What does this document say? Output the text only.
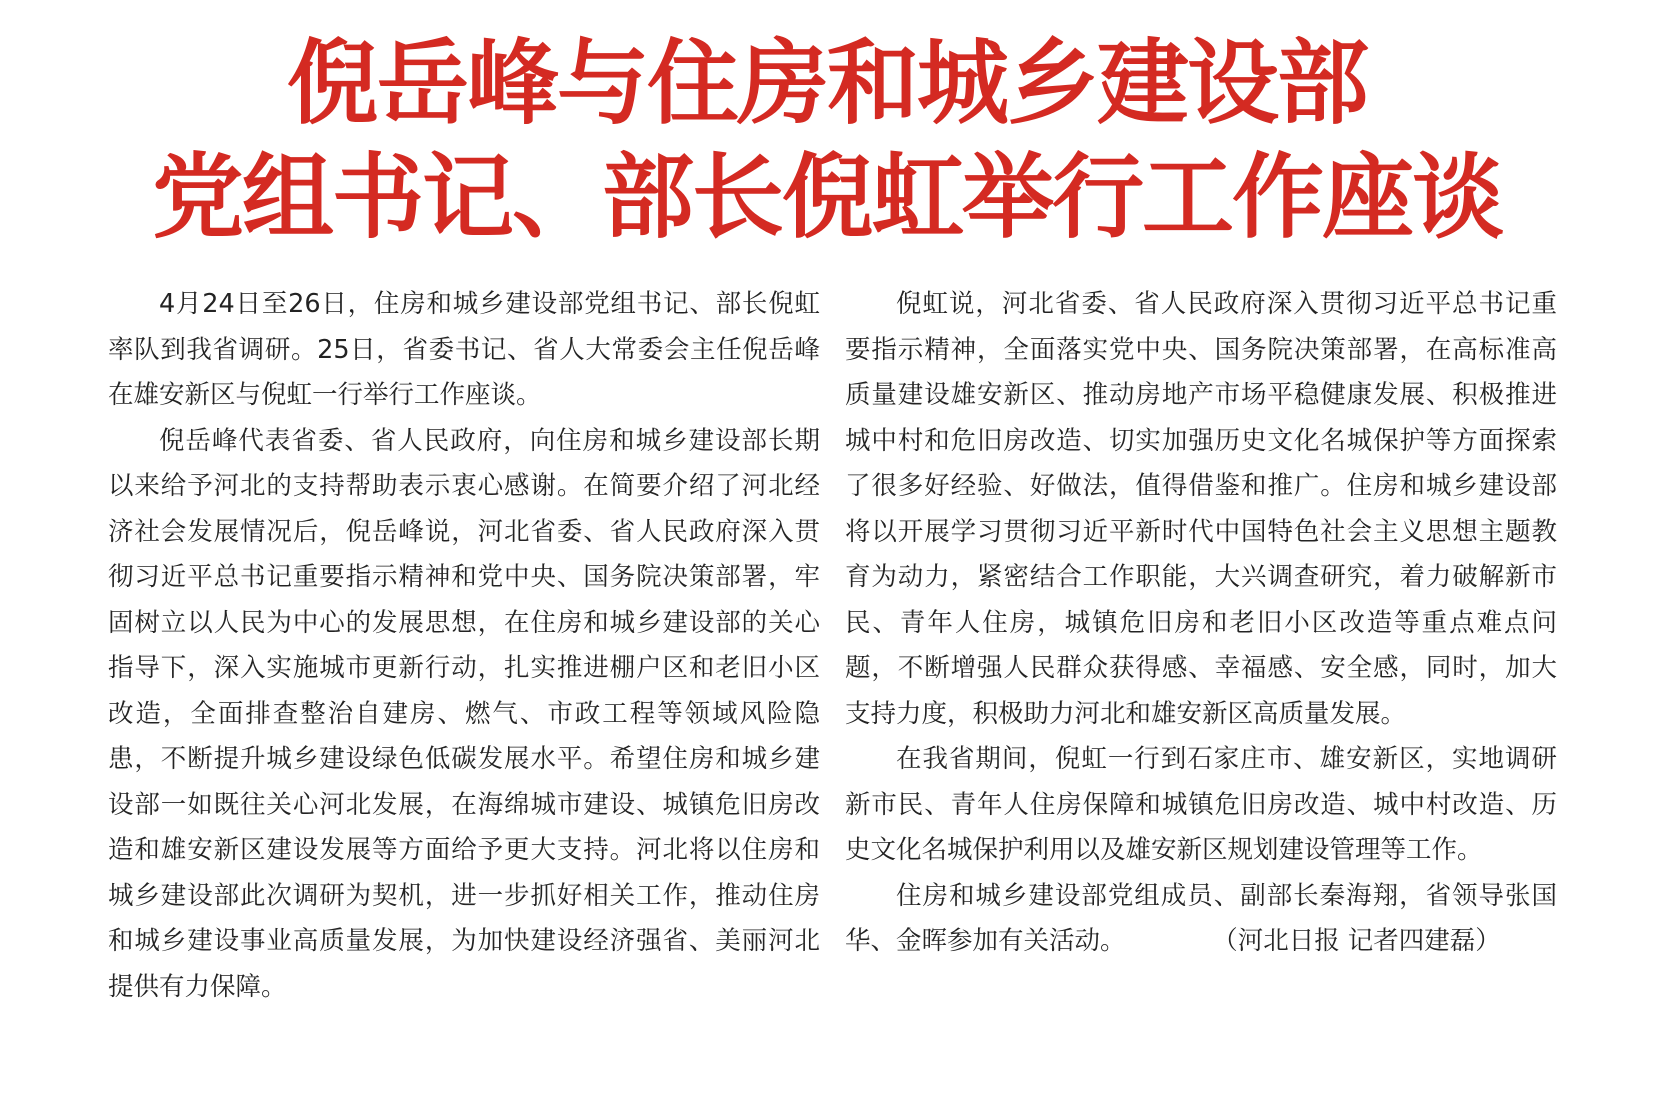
倪岳峰与住房和城乡建设部
党组书记、部长倪虹举行工作座谈

4月24日至26日，住房和城乡建设部党组书记、部长倪虹率队到我省调研。25日，省委书记、省人大常委会主任倪岳峰在雄安新区与倪虹一行举行工作座谈。

倪岳峰代表省委、省人民政府，向住房和城乡建设部长期以来给予河北的支持帮助表示衷心感谢。在简要介绍了河北经济社会发展情况后，倪岳峰说，河北省委、省人民政府深入贯彻习近平总书记重要指示精神和党中央、国务院决策部署，牢固树立以人民为中心的发展思想，在住房和城乡建设部的关心指导下，深入实施城市更新行动，扎实推进棚户区和老旧小区改造，全面排查整治自建房、燃气、市政工程等领域风险隐患，不断提升城乡建设绿色低碳发展水平。希望住房和城乡建设部一如既往关心河北发展，在海绵城市建设、城镇危旧房改造和雄安新区建设发展等方面给予更大支持。河北将以住房和城乡建设部此次调研为契机，进一步抓好相关工作，推动住房和城乡建设事业高质量发展，为加快建设经济强省、美丽河北提供有力保障。

倪虹说，河北省委、省人民政府深入贯彻习近平总书记重要指示精神，全面落实党中央、国务院决策部署，在高标准高质量建设雄安新区、推动房地产市场平稳健康发展、积极推进城中村和危旧房改造、切实加强历史文化名城保护等方面探索了很多好经验、好做法，值得借鉴和推广。住房和城乡建设部将以开展学习贯彻习近平新时代中国特色社会主义思想主题教育为动力，紧密结合工作职能，大兴调查研究，着力破解新市民、青年人住房，城镇危旧房和老旧小区改造等重点难点问题，不断增强人民群众获得感、幸福感、安全感，同时，加大支持力度，积极助力河北和雄安新区高质量发展。

在我省期间，倪虹一行到石家庄市、雄安新区，实地调研新市民、青年人住房保障和城镇危旧房改造、城中村改造、历史文化名城保护利用以及雄安新区规划建设管理等工作。

住房和城乡建设部党组成员、副部长秦海翔，省领导张国华、金晖参加有关活动。	（河北日报 记者四建磊）
